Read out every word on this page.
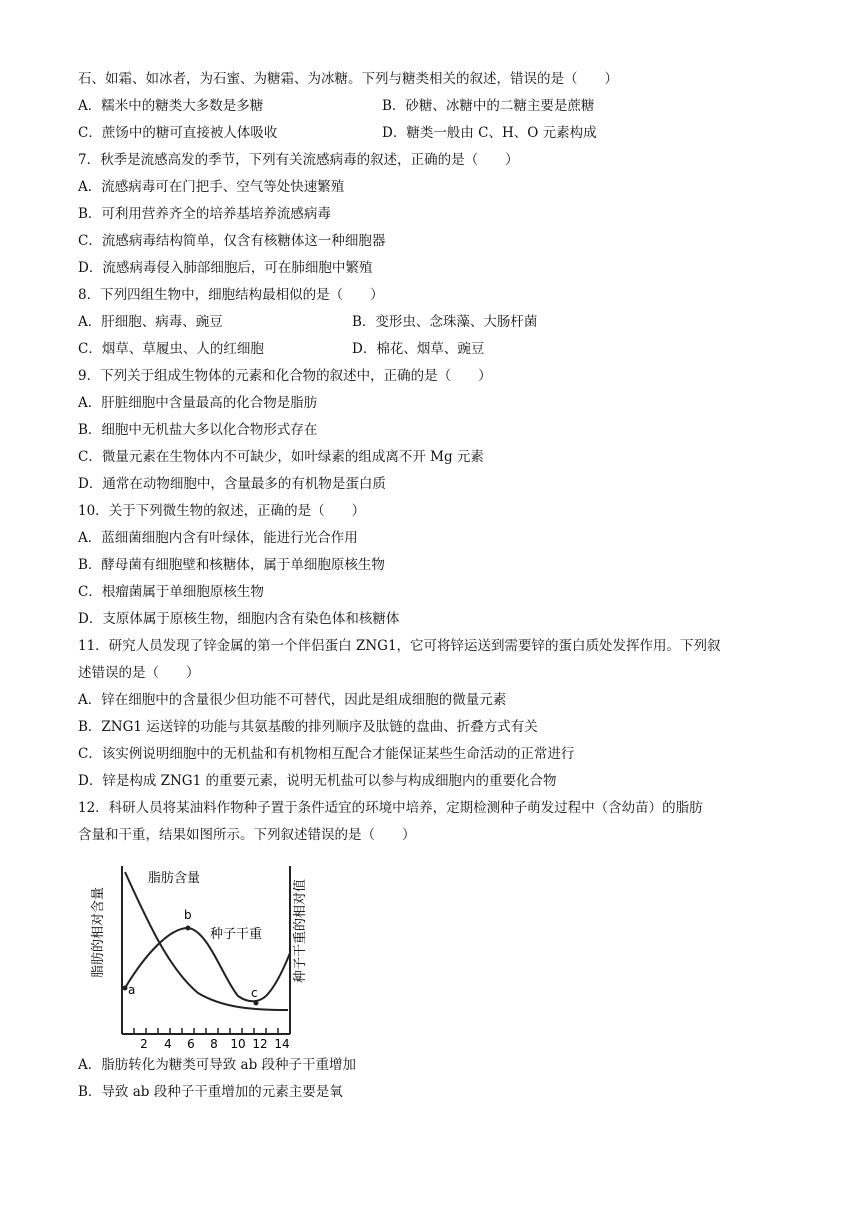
石、如霜、如冰者，为石蜜、为糖霜、为冰糖。下列与糖类相关的叙述，错误的是（　　）
A．糯米中的糖类大多数是多糖	B．砂糖、冰糖中的二糖主要是蔗糖
C．蔗饧中的糖可直接被人体吸收	D．糖类一般由 C、H、O 元素构成
7．秋季是流感高发的季节，下列有关流感病毒的叙述，正确的是（　　）
A．流感病毒可在门把手、空气等处快速繁殖
B．可利用营养齐全的培养基培养流感病毒
C．流感病毒结构简单，仅含有核糖体这一种细胞器
D．流感病毒侵入肺部细胞后，可在肺细胞中繁殖
8．下列四组生物中，细胞结构最相似的是（　　）
A．肝细胞、病毒、豌豆	B．变形虫、念珠藻、大肠杆菌
C．烟草、草履虫、人的红细胞	D．棉花、烟草、豌豆
9．下列关于组成生物体的元素和化合物的叙述中，正确的是（　　）
A．肝脏细胞中含量最高的化合物是脂肪
B．细胞中无机盐大多以化合物形式存在
C．微量元素在生物体内不可缺少，如叶绿素的组成离不开 Mg 元素
D．通常在动物细胞中，含量最多的有机物是蛋白质
10．关于下列微生物的叙述，正确的是（　　）
A．蓝细菌细胞内含有叶绿体，能进行光合作用
B．酵母菌有细胞壁和核糖体，属于单细胞原核生物
C．根瘤菌属于单细胞原核生物
D．支原体属于原核生物，细胞内含有染色体和核糖体
11．研究人员发现了锌金属的第一个伴侣蛋白 ZNG1，它可将锌运送到需要锌的蛋白质处发挥作用。下列叙
述错误的是（　　）
A．锌在细胞中的含量很少但功能不可替代，因此是组成细胞的微量元素
B．ZNG1 运送锌的功能与其氨基酸的排列顺序及肽链的盘曲、折叠方式有关
C．该实例说明细胞中的无机盐和有机物相互配合才能保证某些生命活动的正常进行
D．锌是构成 ZNG1 的重要元素，说明无机盐可以参与构成细胞内的重要化合物
12．科研人员将某油料作物种子置于条件适宜的环境中培养，定期检测种子萌发过程中（含幼苗）的脂肪
含量和干重，结果如图所示。下列叙述错误的是（　　）
a
b
c
脂肪含量
种子干重
脂肪的相对含量	种子干重的相对值
2 4 6 8 10 12 14
A．脂肪转化为糖类可导致 ab 段种子干重增加
B．导致 ab 段种子干重增加的元素主要是氧
